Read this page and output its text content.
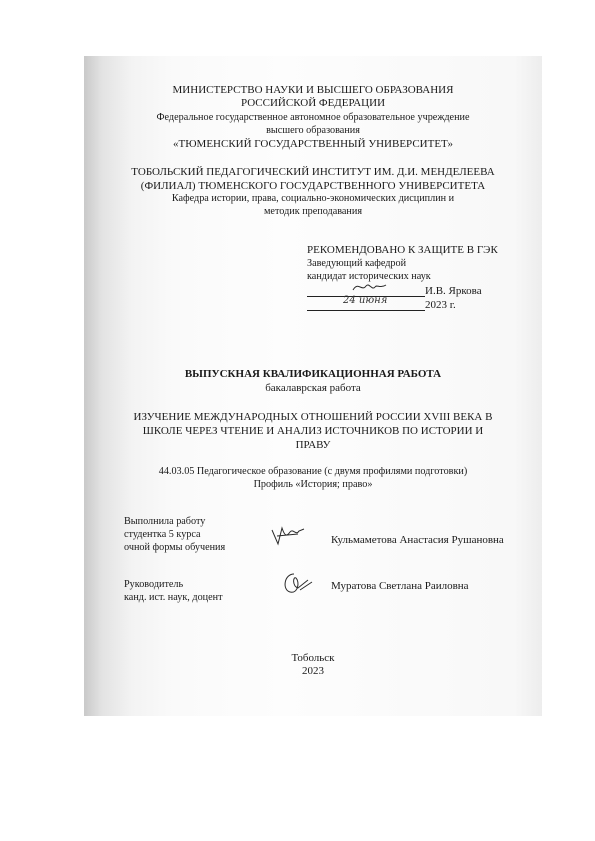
МИНИСТЕРСТВО НАУКИ И ВЫСШЕГО ОБРАЗОВАНИЯ
РОССИЙСКОЙ ФЕДЕРАЦИИ
Федеральное государственное автономное образовательное учреждение
высшего образования
«ТЮМЕНСКИЙ ГОСУДАРСТВЕННЫЙ УНИВЕРСИТЕТ»
ТОБОЛЬСКИЙ ПЕДАГОГИЧЕСКИЙ ИНСТИТУТ ИМ. Д.И. МЕНДЕЛЕЕВА
(ФИЛИАЛ) ТЮМЕНСКОГО ГОСУДАРСТВЕННОГО УНИВЕРСИТЕТА
Кафедра истории, права, социально-экономических дисциплин и
методик преподавания
РЕКОМЕНДОВАНО К ЗАЩИТЕ В ГЭК
Заведующий кафедрой
кандидат исторических наук
И.В. Яркова
24 июня	2023 г.
ВЫПУСКНАЯ КВАЛИФИКАЦИОННАЯ РАБОТА
бакалаврская работа
ИЗУЧЕНИЕ МЕЖДУНАРОДНЫХ ОТНОШЕНИЙ РОССИИ XVIII ВЕКА В
ШКОЛЕ ЧЕРЕЗ ЧТЕНИЕ И АНАЛИЗ ИСТОЧНИКОВ ПО ИСТОРИИ И
ПРАВУ
44.03.05 Педагогическое образование (с двумя профилями подготовки)
Профиль «История; право»
Выполнила работу
студентка 5 курса
очной формы обучения
Кульмаметова Анастасия Рушановна
Руководитель
канд. ист. наук, доцент
Муратова Светлана Раиловна
Тобольск
2023
